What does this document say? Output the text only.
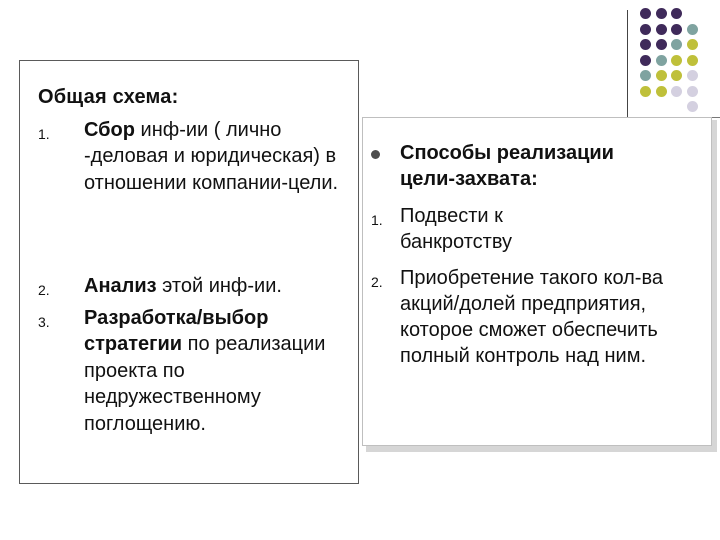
Общая схема:
1.	Сбор инф-ии ( лично -деловая и юридическая) в отношении компании-цели.
2.	Анализ этой инф-ии.
3.	Разработка/выбор стратегии по реализации проекта по недружественному поглощению.
Способы реализации цели-захвата:
1. Подвести к банкротству
2. Приобретение такого кол-ва акций/долей предприятия, которое сможет обеспечить полный контроль над ним.
